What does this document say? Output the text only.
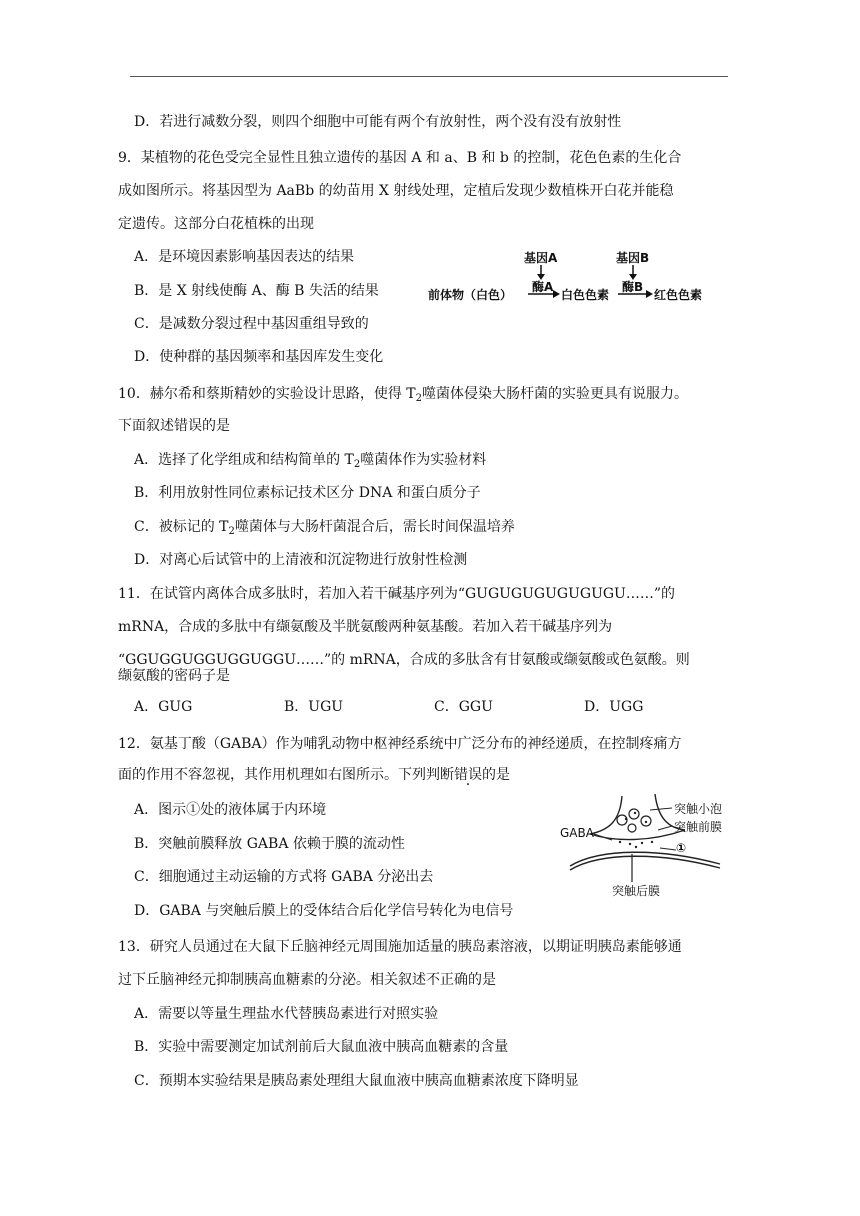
D．若进行减数分裂，则四个细胞中可能有两个有放射性，两个没有没有放射性
9．某植物的花色受完全显性且独立遗传的基因 A 和 a、B 和 b 的控制，花色色素的生化合
成如图所示。将基因型为 AaBb 的幼苗用 X 射线处理，定植后发现少数植株开白花并能稳
定遗传。这部分白花植株的出现
A．是环境因素影响基因表达的结果
B．是 X 射线使酶 A、酶 B 失活的结果
C．是减数分裂过程中基因重组导致的
D．使种群的基因频率和基因库发生变化
基因A	基因B
酶A	酶B
前体物（白色）	白色色素	红色色素
10．赫尔希和蔡斯精妙的实验设计思路，使得 $T_2$噬菌体侵染大肠杆菌的实验更具有说服力。
下面叙述错误的是
A．选择了化学组成和结构简单的 $T_2$噬菌体作为实验材料
B．利用放射性同位素标记技术区分 DNA 和蛋白质分子
C．被标记的 $T_2$噬菌体与大肠杆菌混合后，需长时间保温培养
D．对离心后试管中的上清液和沉淀物进行放射性检测
11．在试管内离体合成多肽时，若加入若干碱基序列为“GUGUGUGUGUGUGU……”的
mRNA，合成的多肽中有缬氨酸及半胱氨酸两种氨基酸。若加入若干碱基序列为
“GGUGGUGGUGGUGGU……”的 mRNA，合成的多肽含有甘氨酸或缬氨酸或色氨酸。则
缬氨酸的密码子是
A．GUG	B．UGU	C．GGU	D．UGG
12．氨基丁酸（GABA）作为哺乳动物中枢神经系统中广泛分布的神经递质，在控制疼痛方
面的作用不容忽视，其作用机理如右图所示。下列判断错误的是
A．图示①处的液体属于内环境
B．突触前膜释放 GABA 依赖于膜的流动性
C．细胞通过主动运输的方式将 GABA 分泌出去
D．GABA 与突触后膜上的受体结合后化学信号转化为电信号
GABA
突触小泡
突触前膜
①
突触后膜
13．研究人员通过在大鼠下丘脑神经元周围施加适量的胰岛素溶液，以期证明胰岛素能够通
过下丘脑神经元抑制胰高血糖素的分泌。相关叙述不正确的是
A．需要以等量生理盐水代替胰岛素进行对照实验
B．实验中需要测定加试剂前后大鼠血液中胰高血糖素的含量
C．预期本实验结果是胰岛素处理组大鼠血液中胰高血糖素浓度下降明显
